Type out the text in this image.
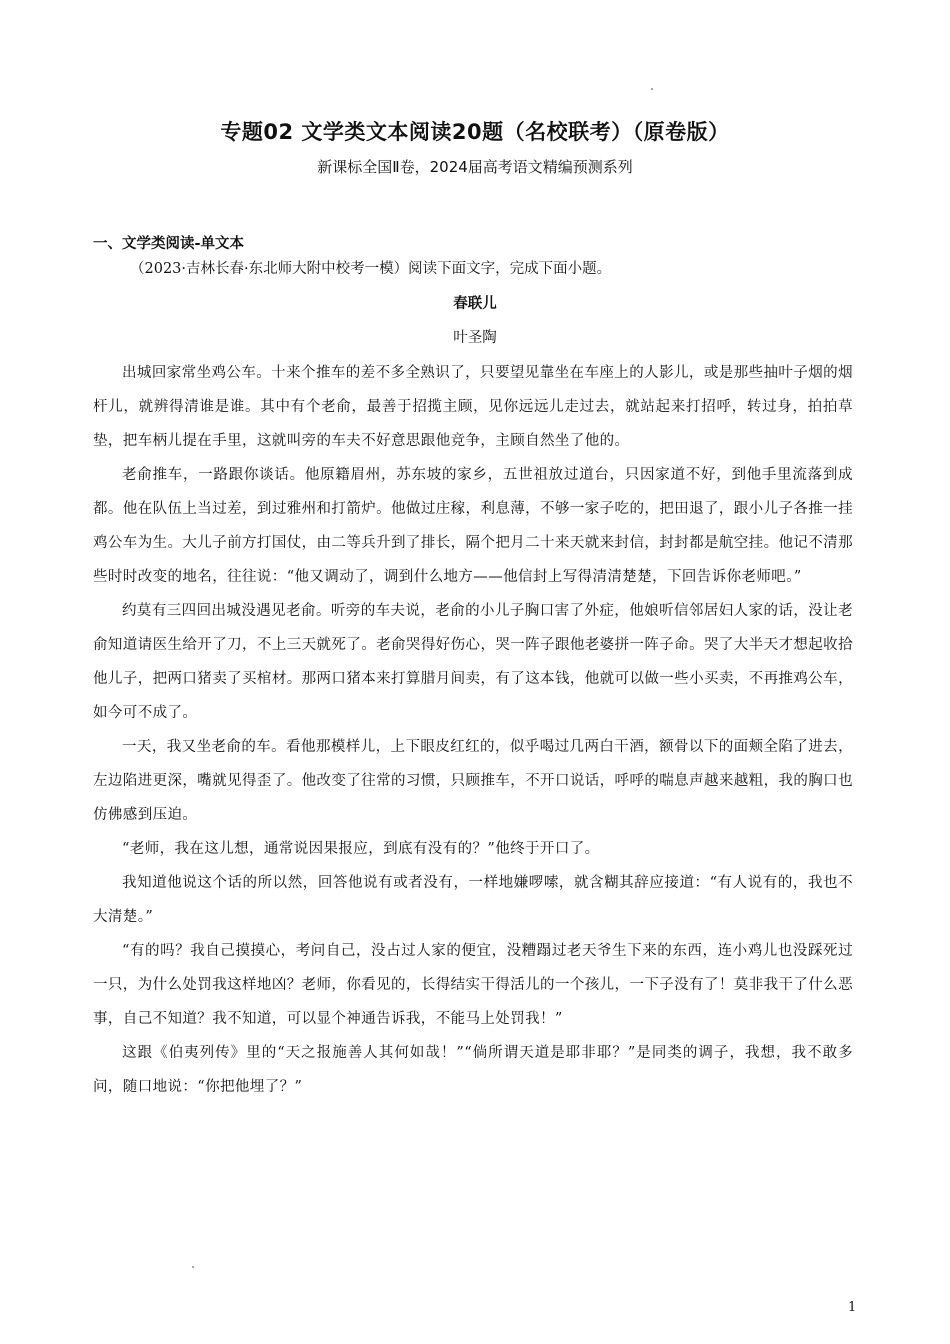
专题02 文学类文本阅读20题（名校联考）（原卷版）
新课标全国Ⅱ卷，2024届高考语文精编预测系列
一、文学类阅读-单文本
（2023·吉林长春·东北师大附中校考一模）阅读下面文字，完成下面小题。
春联儿
叶圣陶

出城回家常坐鸡公车。十来个推车的差不多全熟识了，只要望见靠坐在车座上的人影儿，或是那些抽叶子烟的烟杆儿，就辨得清谁是谁。其中有个老俞，最善于招揽主顾，见你远远儿走过去，就站起来打招呼，转过身，拍拍草垫，把车柄儿提在手里，这就叫旁的车夫不好意思跟他竞争，主顾自然坐了他的。

老俞推车，一路跟你谈话。他原籍眉州，苏东坡的家乡，五世祖放过道台，只因家道不好，到他手里流落到成都。他在队伍上当过差，到过雅州和打箭炉。他做过庄稼，利息薄，不够一家子吃的，把田退了，跟小儿子各推一挂鸡公车为生。大儿子前方打国仗，由二等兵升到了排长，隔个把月二十来天就来封信，封封都是航空挂。他记不清那些时时改变的地名，往往说：“他又调动了，调到什么地方——他信封上写得清清楚楚，下回告诉你老师吧。”

约莫有三四回出城没遇见老俞。听旁的车夫说，老俞的小儿子胸口害了外症，他娘听信邻居妇人家的话，没让老俞知道请医生给开了刀，不上三天就死了。老俞哭得好伤心，哭一阵子跟他老婆拼一阵子命。哭了大半天才想起收拾他儿子，把两口猪卖了买棺材。那两口猪本来打算腊月间卖，有了这本钱，他就可以做一些小买卖，不再推鸡公车，如今可不成了。

一天，我又坐老俞的车。看他那模样儿，上下眼皮红红的，似乎喝过几两白干酒，额骨以下的面颊全陷了进去，左边陷进更深，嘴就见得歪了。他改变了往常的习惯，只顾推车，不开口说话，呼呼的喘息声越来越粗，我的胸口也仿佛感到压迫。

“老师，我在这儿想，通常说因果报应，到底有没有的？”他终于开口了。

我知道他说这个话的所以然，回答他说有或者没有，一样地嫌啰嗦，就含糊其辞应接道：“有人说有的，我也不大清楚。”

“有的吗？我自己摸摸心，考问自己，没占过人家的便宜，没糟蹋过老天爷生下来的东西，连小鸡儿也没踩死过一只，为什么处罚我这样地凶？老师，你看见的，长得结实干得活儿的一个孩儿，一下子没有了！莫非我干了什么恶事，自己不知道？我不知道，可以显个神通告诉我，不能马上处罚我！”

这跟《伯夷列传》里的“天之报施善人其何如哉！”“倘所谓天道是耶非耶？”是同类的调子，我想，我不敢多问，随口地说：“你把他埋了？”

1
